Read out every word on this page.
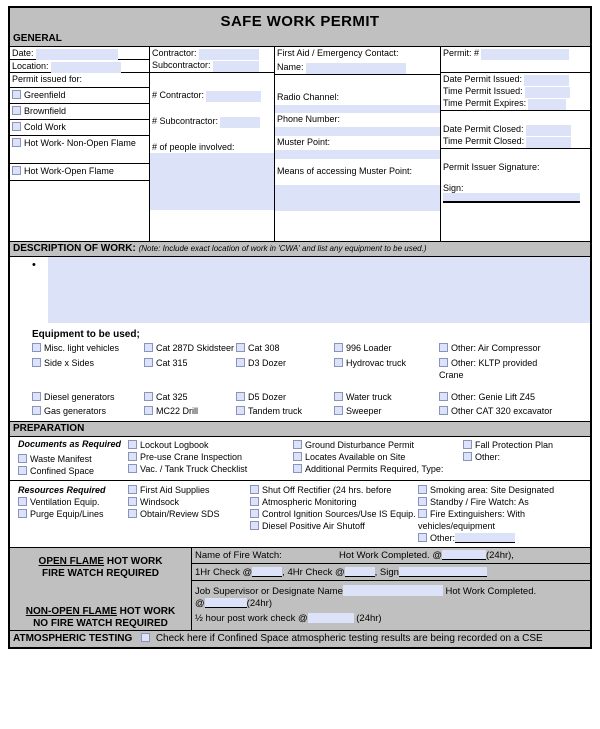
SAFE WORK PERMIT
GENERAL
Date:
Location:
Permit issued for:
Greenfield
Brownfield
Cold Work
Hot Work- Non-Open Flame
Hot Work-Open Flame
Contractor:
Subcontractor:
# Contractor:
# Subcontractor:
# of people involved:
First Aid / Emergency Contact:
Name:
Radio Channel:
Phone Number:
Muster Point:
Means of accessing Muster Point:
Permit: #
Date Permit Issued:
Time Permit Issued:
Time Permit Expires:
Date Permit Closed:
Time Permit Closed:
Permit Issuer Signature:
Sign:
DESCRIPTION OF WORK: (Note: Include exact location of work in 'CWA' and list any equipment to be used.)
•
Equipment to be used;
Misc. light vehicles	Cat 287D Skidsteer	Cat 308	996 Loader	Other: Air Compressor
Side x Sides	Cat 315	D3 Dozer	Hydrovac truck	Other: KLTP provided Crane
Diesel generators	Cat 325	D5 Dozer	Water truck	Other: Genie Lift Z45
Gas generators	MC22 Drill	Tandem truck	Sweeper	Other CAT 320 excavator
PREPARATION
Documents as Required	Lockout Logbook
Pre-use Crane Inspection
Vac. / Tank Truck Checklist
Ground Disturbance Permit
Locates Available on Site
Additional Permits Required, Type:
Fall Protection Plan
Other:
Waste Manifest
Confined Space
Resources Required
Ventilation Equip.
Purge Equip/Lines
First Aid Supplies
Windsock
Obtain/Review SDS
Shut Off Rectifier (24 hrs. before
Atmospheric Monitoring
Control Ignition Sources/Use IS Equip.
Diesel Positive Air Shutoff
Smoking area: Site Designated
Standby / Fire Watch: As
Fire Extinguishers: With vehicles/equipment
Other:
OPEN FLAME HOT WORK
FIRE WATCH REQUIRED
NON-OPEN FLAME HOT WORK
NO FIRE WATCH REQUIRED
Name of Fire Watch:	Hot Work Completed. @	(24hr),
1Hr Check @	, 4Hr Check @	, Sign
Job Supervisor or Designate Name	Hot Work Completed.
@	(24hr)
½ hour post work check @	(24hr)
ATMOSPHERIC TESTING Check here if Confined Space atmospheric testing results are being recorded on a CSE
